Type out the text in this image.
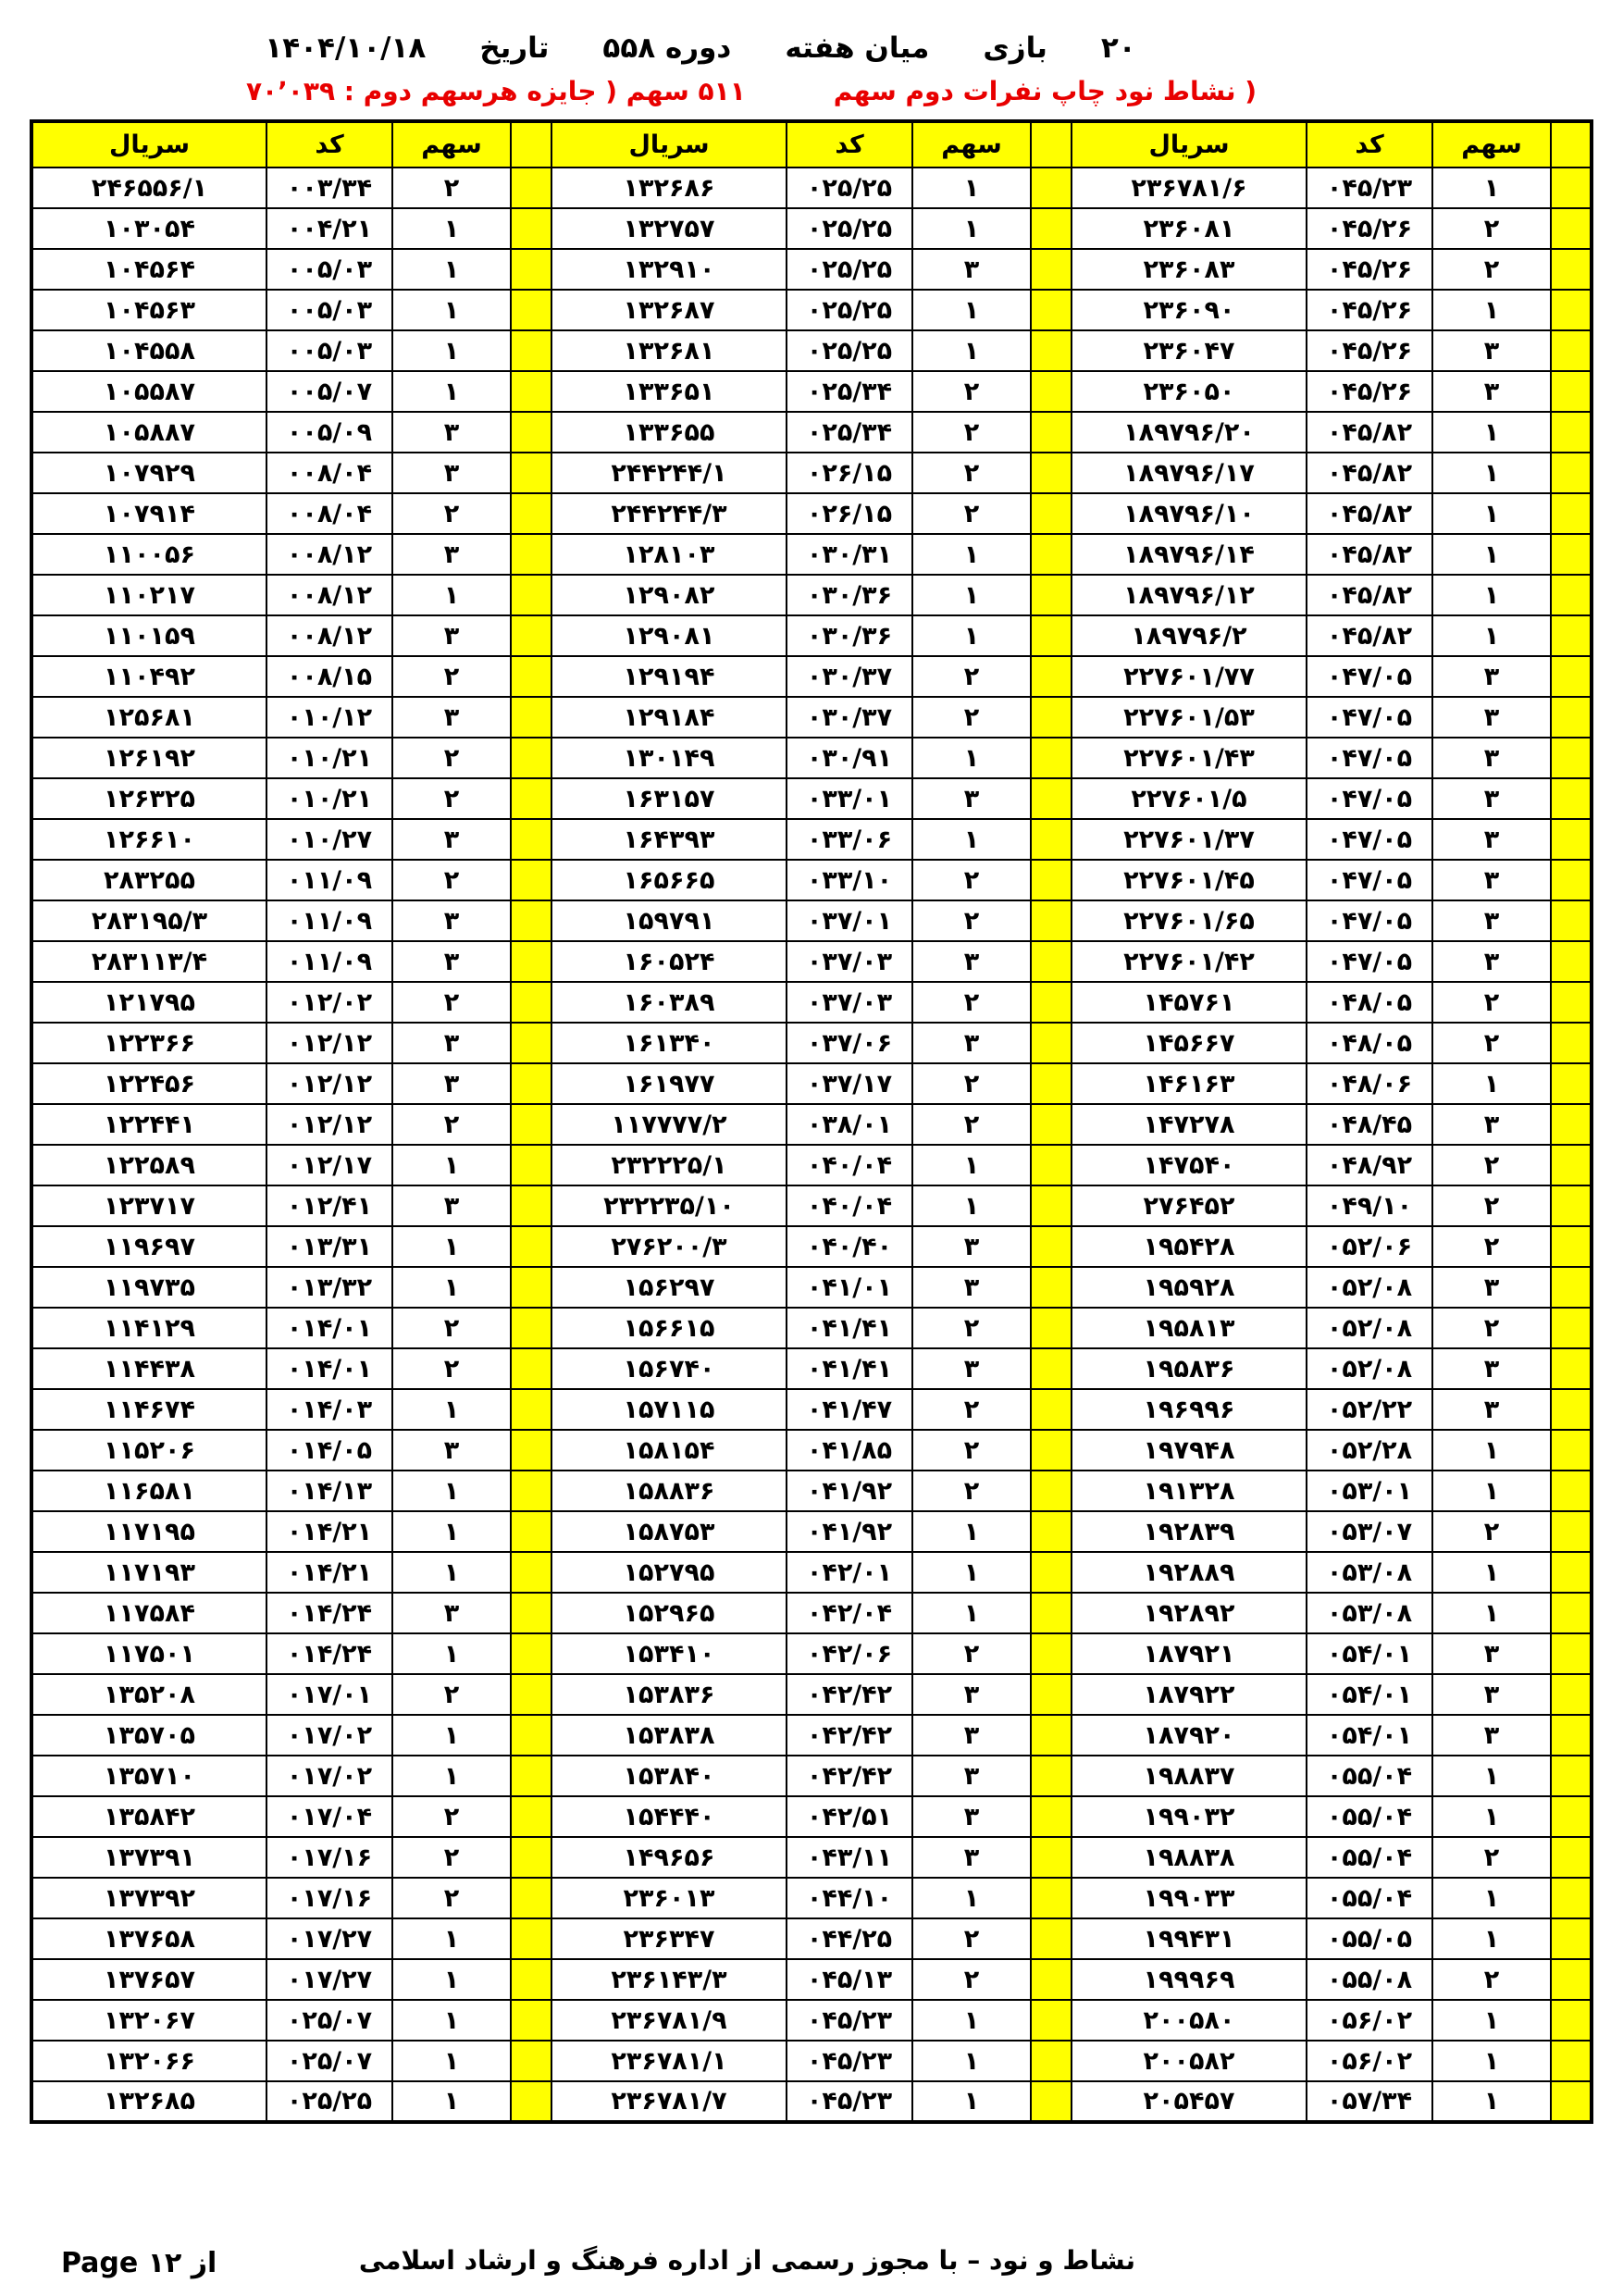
۲۰
بازی
میان هفته
دوره ۵۵۸
تاریخ
۱۴۰۴/۱۰/۱۸
( نشاط نود چاپ نفرات دوم سهم
۵۱۱ سهم ( جایزه هرسهم دوم : ۷۰٬۰۳۹
	سهم	کد	سریال		سهم	کد	سریال		سهم	کد	سریال
	۱	۰۴۵/۲۳	۲۳۶۷۸۱/۶		۱	۰۲۵/۲۵	۱۳۲۶۸۶		۲	۰۰۳/۳۴	۲۴۶۵۵۶/۱
	۲	۰۴۵/۲۶	۲۳۶۰۸۱		۱	۰۲۵/۲۵	۱۳۲۷۵۷		۱	۰۰۴/۲۱	۱۰۳۰۵۴
	۲	۰۴۵/۲۶	۲۳۶۰۸۳		۳	۰۲۵/۲۵	۱۳۲۹۱۰		۱	۰۰۵/۰۳	۱۰۴۵۶۴
	۱	۰۴۵/۲۶	۲۳۶۰۹۰		۱	۰۲۵/۲۵	۱۳۲۶۸۷		۱	۰۰۵/۰۳	۱۰۴۵۶۳
	۳	۰۴۵/۲۶	۲۳۶۰۴۷		۱	۰۲۵/۲۵	۱۳۲۶۸۱		۱	۰۰۵/۰۳	۱۰۴۵۵۸
	۳	۰۴۵/۲۶	۲۳۶۰۵۰		۲	۰۲۵/۳۴	۱۳۳۶۵۱		۱	۰۰۵/۰۷	۱۰۵۵۸۷
	۱	۰۴۵/۸۲	۱۸۹۷۹۶/۲۰		۲	۰۲۵/۳۴	۱۳۳۶۵۵		۳	۰۰۵/۰۹	۱۰۵۸۸۷
	۱	۰۴۵/۸۲	۱۸۹۷۹۶/۱۷		۲	۰۲۶/۱۵	۲۴۴۲۴۴/۱		۳	۰۰۸/۰۴	۱۰۷۹۲۹
	۱	۰۴۵/۸۲	۱۸۹۷۹۶/۱۰		۲	۰۲۶/۱۵	۲۴۴۲۴۴/۳		۲	۰۰۸/۰۴	۱۰۷۹۱۴
	۱	۰۴۵/۸۲	۱۸۹۷۹۶/۱۴		۱	۰۳۰/۳۱	۱۲۸۱۰۳		۳	۰۰۸/۱۲	۱۱۰۰۵۶
	۱	۰۴۵/۸۲	۱۸۹۷۹۶/۱۲		۱	۰۳۰/۳۶	۱۲۹۰۸۲		۱	۰۰۸/۱۲	۱۱۰۲۱۷
	۱	۰۴۵/۸۲	۱۸۹۷۹۶/۲		۱	۰۳۰/۳۶	۱۲۹۰۸۱		۳	۰۰۸/۱۲	۱۱۰۱۵۹
	۳	۰۴۷/۰۵	۲۲۷۶۰۱/۷۷		۲	۰۳۰/۳۷	۱۲۹۱۹۴		۲	۰۰۸/۱۵	۱۱۰۴۹۲
	۳	۰۴۷/۰۵	۲۲۷۶۰۱/۵۳		۲	۰۳۰/۳۷	۱۲۹۱۸۴		۳	۰۱۰/۱۲	۱۲۵۶۸۱
	۳	۰۴۷/۰۵	۲۲۷۶۰۱/۴۳		۱	۰۳۰/۹۱	۱۳۰۱۴۹		۲	۰۱۰/۲۱	۱۲۶۱۹۲
	۳	۰۴۷/۰۵	۲۲۷۶۰۱/۵		۳	۰۳۳/۰۱	۱۶۳۱۵۷		۲	۰۱۰/۲۱	۱۲۶۳۲۵
	۳	۰۴۷/۰۵	۲۲۷۶۰۱/۳۷		۱	۰۳۳/۰۶	۱۶۴۳۹۳		۳	۰۱۰/۲۷	۱۲۶۶۱۰
	۳	۰۴۷/۰۵	۲۲۷۶۰۱/۴۵		۲	۰۳۳/۱۰	۱۶۵۶۶۵		۲	۰۱۱/۰۹	۲۸۳۲۵۵
	۳	۰۴۷/۰۵	۲۲۷۶۰۱/۶۵		۲	۰۳۷/۰۱	۱۵۹۷۹۱		۳	۰۱۱/۰۹	۲۸۳۱۹۵/۳
	۳	۰۴۷/۰۵	۲۲۷۶۰۱/۴۲		۳	۰۳۷/۰۳	۱۶۰۵۲۴		۳	۰۱۱/۰۹	۲۸۳۱۱۳/۴
	۲	۰۴۸/۰۵	۱۴۵۷۶۱		۲	۰۳۷/۰۳	۱۶۰۳۸۹		۲	۰۱۲/۰۲	۱۲۱۷۹۵
	۲	۰۴۸/۰۵	۱۴۵۶۶۷		۳	۰۳۷/۰۶	۱۶۱۳۴۰		۳	۰۱۲/۱۲	۱۲۲۳۶۶
	۱	۰۴۸/۰۶	۱۴۶۱۶۳		۲	۰۳۷/۱۷	۱۶۱۹۷۷		۳	۰۱۲/۱۲	۱۲۲۴۵۶
	۳	۰۴۸/۴۵	۱۴۷۲۷۸		۲	۰۳۸/۰۱	۱۱۷۷۷۷/۲		۲	۰۱۲/۱۲	۱۲۲۴۴۱
	۲	۰۴۸/۹۲	۱۴۷۵۴۰		۱	۰۴۰/۰۴	۲۳۲۲۲۵/۱		۱	۰۱۲/۱۷	۱۲۲۵۸۹
	۲	۰۴۹/۱۰	۲۷۶۴۵۲		۱	۰۴۰/۰۴	۲۳۲۲۳۵/۱۰		۳	۰۱۲/۴۱	۱۲۳۷۱۷
	۲	۰۵۲/۰۶	۱۹۵۴۲۸		۳	۰۴۰/۴۰	۲۷۶۲۰۰/۳		۱	۰۱۳/۳۱	۱۱۹۶۹۷
	۳	۰۵۲/۰۸	۱۹۵۹۲۸		۳	۰۴۱/۰۱	۱۵۶۲۹۷		۱	۰۱۳/۳۲	۱۱۹۷۳۵
	۲	۰۵۲/۰۸	۱۹۵۸۱۳		۲	۰۴۱/۴۱	۱۵۶۶۱۵		۲	۰۱۴/۰۱	۱۱۴۱۲۹
	۳	۰۵۲/۰۸	۱۹۵۸۳۶		۳	۰۴۱/۴۱	۱۵۶۷۴۰		۲	۰۱۴/۰۱	۱۱۴۴۳۸
	۳	۰۵۲/۲۲	۱۹۶۹۹۶		۲	۰۴۱/۴۷	۱۵۷۱۱۵		۱	۰۱۴/۰۳	۱۱۴۶۷۴
	۱	۰۵۲/۲۸	۱۹۷۹۴۸		۲	۰۴۱/۸۵	۱۵۸۱۵۴		۳	۰۱۴/۰۵	۱۱۵۲۰۶
	۱	۰۵۳/۰۱	۱۹۱۳۲۸		۲	۰۴۱/۹۲	۱۵۸۸۳۶		۱	۰۱۴/۱۳	۱۱۶۵۸۱
	۲	۰۵۳/۰۷	۱۹۲۸۳۹		۱	۰۴۱/۹۲	۱۵۸۷۵۳		۱	۰۱۴/۲۱	۱۱۷۱۹۵
	۱	۰۵۳/۰۸	۱۹۲۸۸۹		۱	۰۴۲/۰۱	۱۵۲۷۹۵		۱	۰۱۴/۲۱	۱۱۷۱۹۳
	۱	۰۵۳/۰۸	۱۹۲۸۹۲		۱	۰۴۲/۰۴	۱۵۲۹۶۵		۳	۰۱۴/۲۴	۱۱۷۵۸۴
	۳	۰۵۴/۰۱	۱۸۷۹۲۱		۲	۰۴۲/۰۶	۱۵۳۴۱۰		۱	۰۱۴/۲۴	۱۱۷۵۰۱
	۳	۰۵۴/۰۱	۱۸۷۹۲۲		۳	۰۴۲/۴۲	۱۵۳۸۳۶		۲	۰۱۷/۰۱	۱۳۵۲۰۸
	۳	۰۵۴/۰۱	۱۸۷۹۲۰		۳	۰۴۲/۴۲	۱۵۳۸۳۸		۱	۰۱۷/۰۲	۱۳۵۷۰۵
	۱	۰۵۵/۰۴	۱۹۸۸۳۷		۳	۰۴۲/۴۲	۱۵۳۸۴۰		۱	۰۱۷/۰۲	۱۳۵۷۱۰
	۱	۰۵۵/۰۴	۱۹۹۰۳۲		۳	۰۴۲/۵۱	۱۵۴۴۴۰		۲	۰۱۷/۰۴	۱۳۵۸۴۲
	۲	۰۵۵/۰۴	۱۹۸۸۳۸		۳	۰۴۳/۱۱	۱۴۹۶۵۶		۲	۰۱۷/۱۶	۱۳۷۳۹۱
	۱	۰۵۵/۰۴	۱۹۹۰۳۳		۱	۰۴۴/۱۰	۲۳۶۰۱۳		۲	۰۱۷/۱۶	۱۳۷۳۹۲
	۱	۰۵۵/۰۵	۱۹۹۴۳۱		۲	۰۴۴/۲۵	۲۳۶۳۴۷		۱	۰۱۷/۲۷	۱۳۷۶۵۸
	۲	۰۵۵/۰۸	۱۹۹۹۶۹		۲	۰۴۵/۱۳	۲۳۶۱۴۳/۳		۱	۰۱۷/۲۷	۱۳۷۶۵۷
	۱	۰۵۶/۰۲	۲۰۰۵۸۰		۱	۰۴۵/۲۳	۲۳۶۷۸۱/۹		۱	۰۲۵/۰۷	۱۳۲۰۶۷
	۱	۰۵۶/۰۲	۲۰۰۵۸۲		۱	۰۴۵/۲۳	۲۳۶۷۸۱/۱		۱	۰۲۵/۰۷	۱۳۲۰۶۶
	۱	۰۵۷/۳۴	۲۰۵۴۵۷		۱	۰۴۵/۲۳	۲۳۶۷۸۱/۷		۱	۰۲۵/۲۵	۱۳۲۶۸۵
از Page ۱۲	نشاط و نود – با مجوز رسمی از اداره فرهنگ و ارشاد اسلامی
